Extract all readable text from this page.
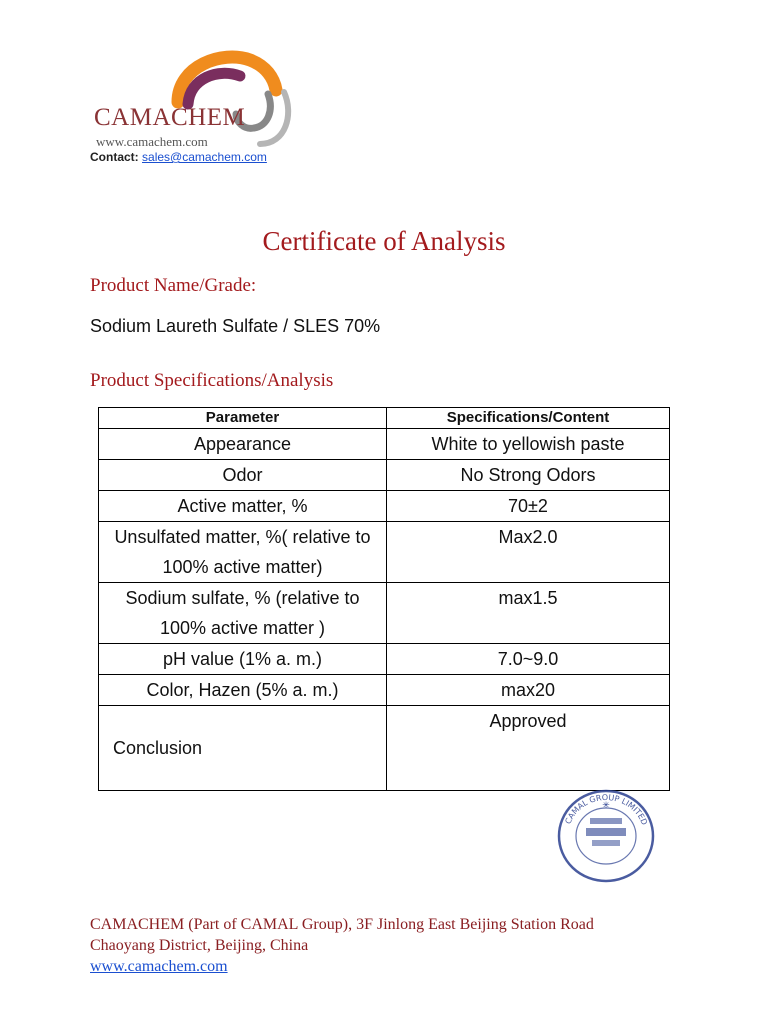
CAMACHEM
www.camachem.com
Contact: sales@camachem.com
Certificate of Analysis
Product Name/Grade:
Sodium Laureth Sulfate / SLES 70%
Product Specifications/Analysis
Parameter	Specifications/Content
Appearance	White to yellowish paste
Odor	No Strong Odors
Active matter, %	70±2
Unsulfated matter, %( relative to 100% active matter)	Max2.0
Sodium sulfate, % (relative to 100% active matter )	max1.5
pH value (1% a. m.)	7.0~9.0
Color, Hazen (5% a. m.)	max20
Conclusion	Approved
CAMAL GROUP LIMITED
✳
CAMACHEM (Part of CAMAL Group), 3F Jinlong East Beijing Station Road
Chaoyang District, Beijing, China
www.camachem.com
